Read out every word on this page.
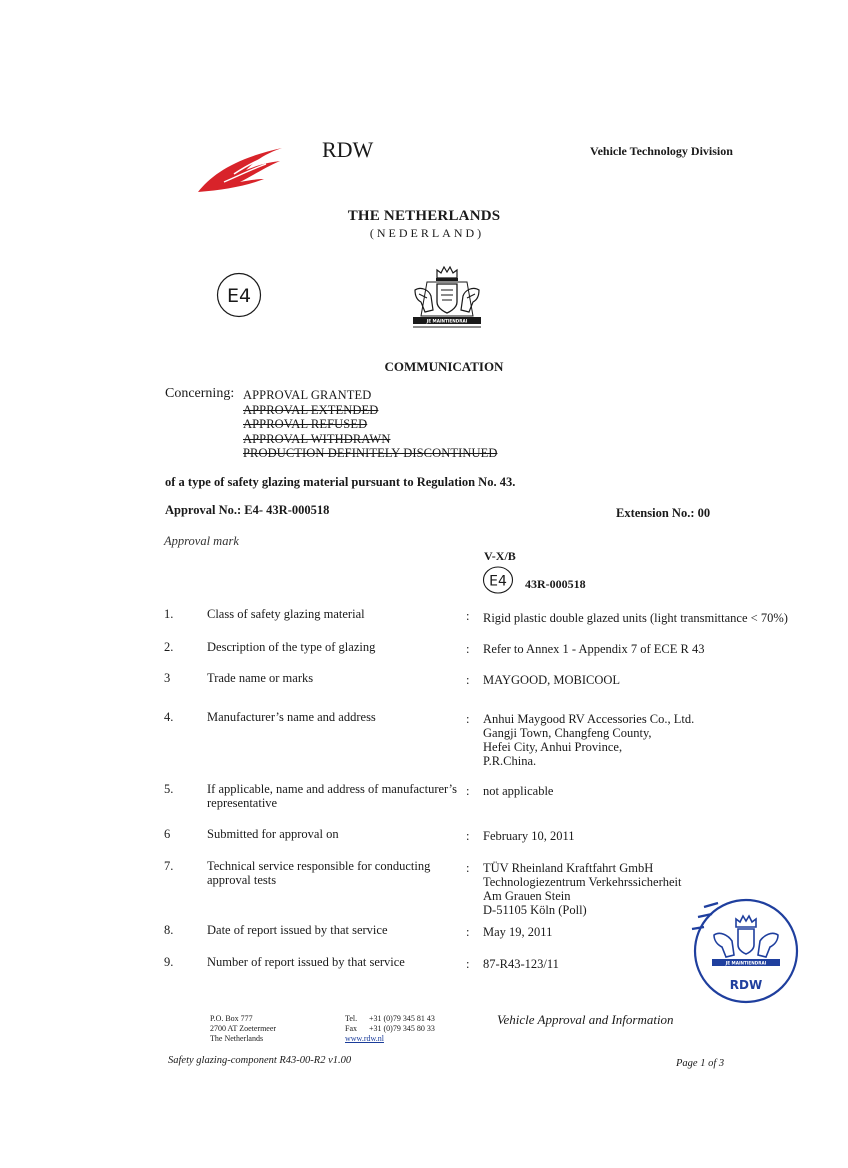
RDW	Vehicle Technology Division
THE NETHERLANDS
(NEDERLAND)
E4
JE MAINTIENDRAI
COMMUNICATION
Concerning: APPROVAL GRANTED
APPROVAL EXTENDED
APPROVAL REFUSED
APPROVAL WITHDRAWN
PRODUCTION DEFINITELY DISCONTINUED
of a type of safety glazing material pursuant to Regulation No. 43.
Approval No.: E4- 43R-000518	Extension No.: 00
Approval mark
V-X/B
E4 43R-000518
1.	Class of safety glazing material	: Rigid plastic double glazed units (light transmittance < 70%)
2.	Description of the type of glazing	: Refer to Annex 1 - Appendix 7 of ECE R 43
3	Trade name or marks	: MAYGOOD, MOBICOOL
4.	Manufacturer’s name and address	: Anhui Maygood RV Accessories Co., Ltd.
Gangji Town, Changfeng County,
Hefei City, Anhui Province,
P.R.China.
5.	If applicable, name and address of manufacturer’s representative
: not applicable
6	Submitted for approval on	: February 10, 2011
7.	Technical service responsible for conducting approval tests
: TÜV Rheinland Kraftfahrt GmbH
Technologiezentrum Verkehrssicherheit
Am Grauen Stein
D-51105 Köln (Poll)
8.	Date of report issued by that service	: May 19, 2011
9.	Number of report issued by that service	: 87-R43-123/11	JE MAINTIENDRAI
RDW
P.O. Box 777
2700 AT Zoetermeer
The Netherlands
Tel. +31 (0)79 345 81 43
Fax +31 (0)79 345 80 33
www.rdw.nl
Vehicle Approval and Information
Safety glazing-component R43-00-R2 v1.00	Page 1 of 3
